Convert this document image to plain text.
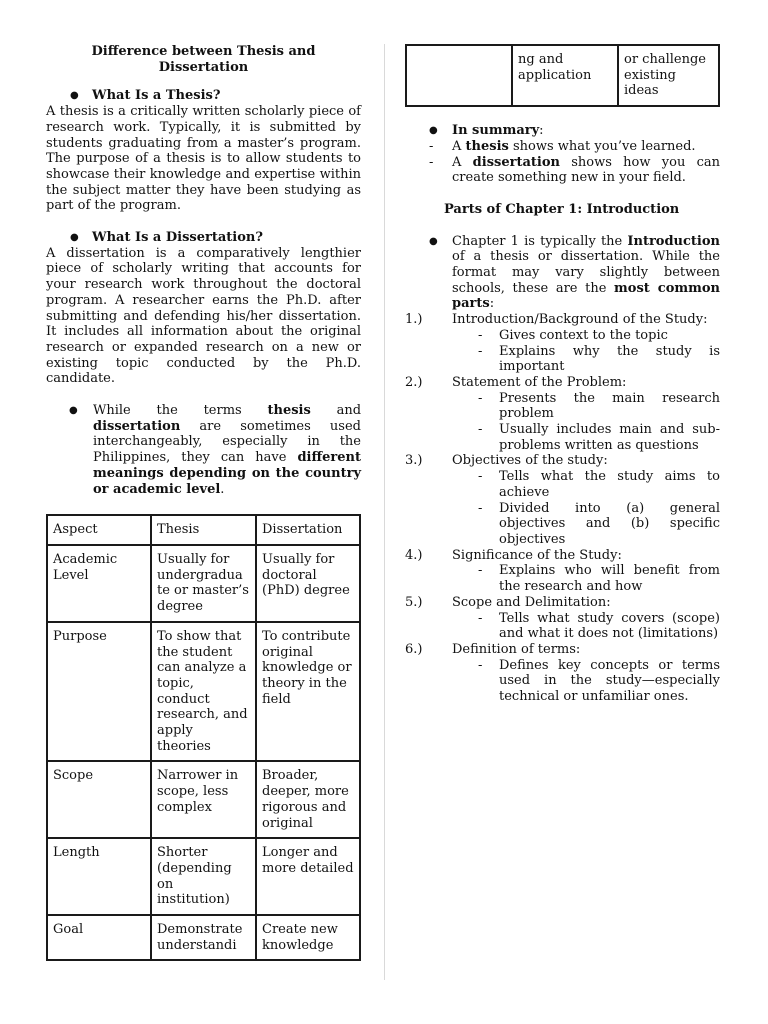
Difference between Thesis and Dissertation
● What Is a Thesis?

A thesis is a critically written scholarly piece of research work. Typically, it is submitted by students graduating from a master’s program. The purpose of a thesis is to allow students to showcase their knowledge and expertise within the subject matter they have been studying as part of the program.

● What Is a Dissertation?

A dissertation is a comparatively lengthier piece of scholarly writing that accounts for your research work throughout the doctoral program. A researcher earns the Ph.D. after submitting and defending his/her dissertation. It includes all information about the original research or expanded research on a new or existing topic conducted by the Ph.D. candidate.

● While the terms thesis and dissertation are sometimes used interchangeably, especially in the Philippines, they can have different meanings depending on the country or academic level.

Aspect	Thesis	Dissertation
Academic Level	Usually for undergradua te or master’s degree	Usually for doctoral (PhD) degree
Purpose	To show that the student can analyze a topic, conduct research, and apply theories	To contribute original knowledge or theory in the field
Scope	Narrower in scope, less complex	Broader, deeper, more rigorous and original
Length	Shorter (depending on institution)	Longer and more detailed
Goal	Demonstrate understandi	Create new knowledge
	ng and application	or challenge existing ideas
● In summary:
- A thesis shows what you’ve learned.
- A dissertation shows how you can create something new in your field.
Parts of Chapter 1: Introduction

● Chapter 1 is typically the Introduction of a thesis or dissertation. While the format may vary slightly between schools, these are the most common parts:

1.) Introduction/Background of the Study:
- Gives context to the topic
- Explains why the study is important
2.) Statement of the Problem:
- Presents the main research problem
- Usually includes main and sub-problems written as questions
3.) Objectives of the study:
- Tells what the study aims to achieve
- Divided into (a) general objectives and (b) specific objectives
4.) Significance of the Study:
- Explains who will benefit from the research and how
5.) Scope and Delimitation:
- Tells what study covers (scope) and what it does not (limitations)
6.) Definition of terms:
- Defines key concepts or terms used in the study—especially technical or unfamiliar ones.
